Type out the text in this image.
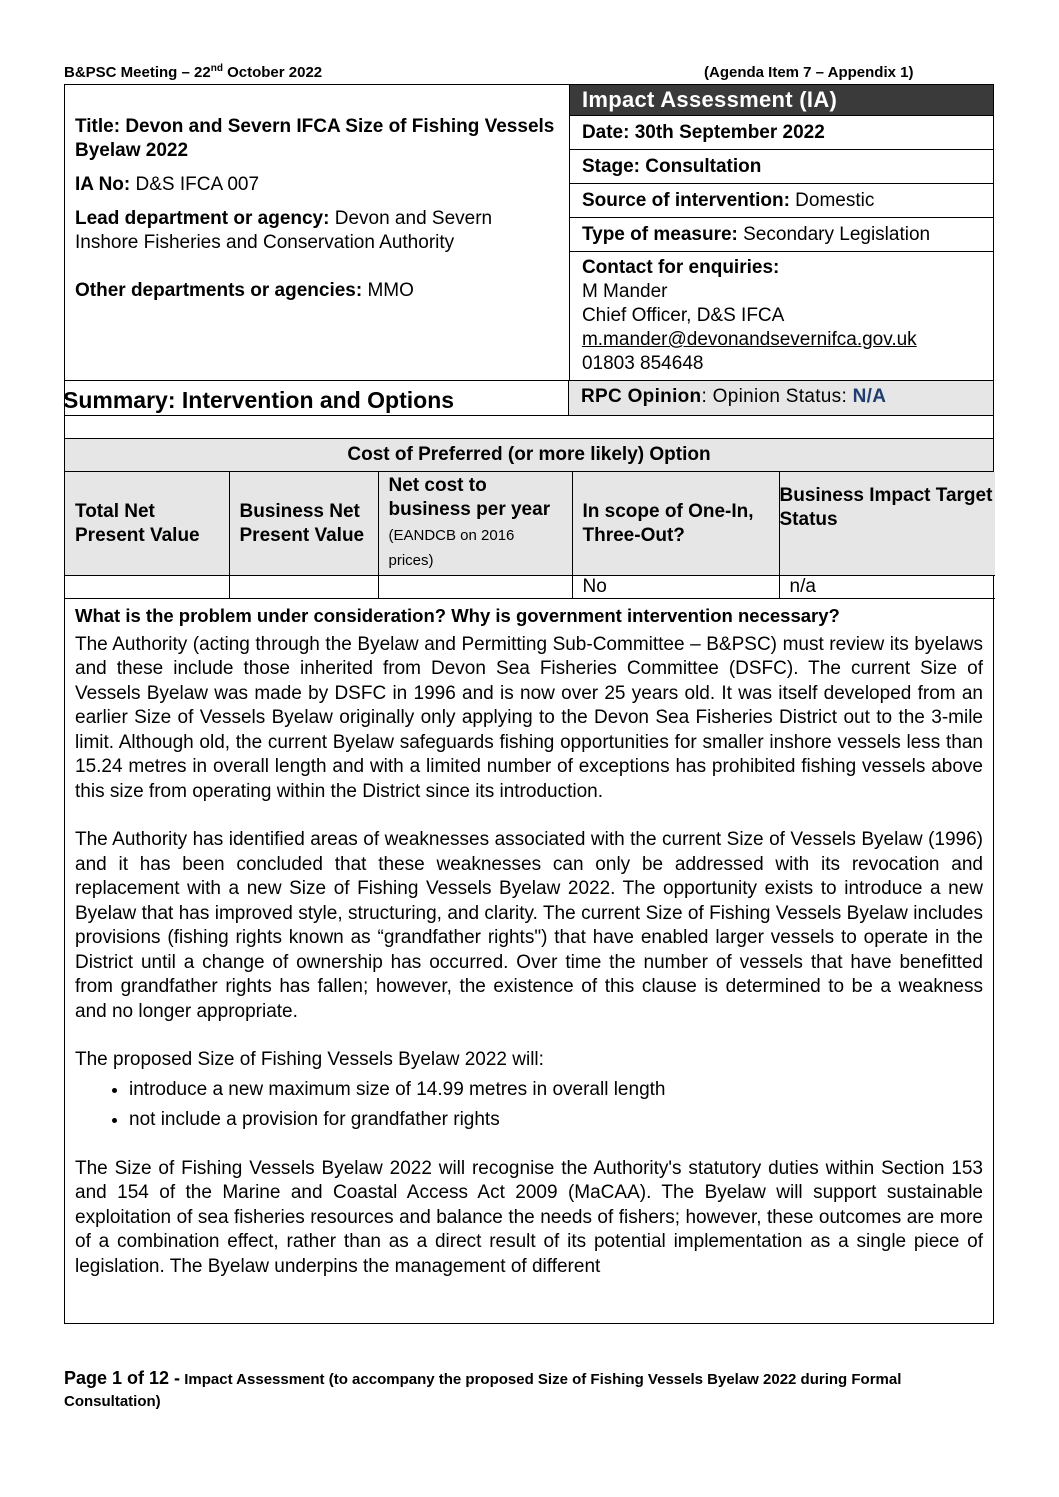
B&PSC Meeting – 22nd October 2022	(Agenda Item 7 – Appendix 1)

Title: Devon and Severn IFCA Size of Fishing Vessels Byelaw 2022

IA No: D&S IFCA 007

Lead department or agency: Devon and Severn Inshore Fisheries and Conservation Authority

Other departments or agencies: MMO

Impact Assessment (IA)
Date: 30th September 2022
Stage: Consultation
Source of intervention: Domestic
Type of measure: Secondary Legislation
Contact for enquiries:
M Mander
Chief Officer, D&S IFCA
m.mander@devonandsevernifca.gov.uk
01803 854648
Summary: Intervention and Options	RPC Opinion: Opinion Status: N/A
Cost of Preferred (or more likely) Option
Total Net Present Value	Business Net Present Value	Net cost to business per year (EANDCB on 2016 prices)	In scope of One-In, Three-Out?	Business Impact Target Status
			No	n/a
What is the problem under consideration? Why is government intervention necessary?

The Authority (acting through the Byelaw and Permitting Sub-Committee – B&PSC) must review its byelaws and these include those inherited from Devon Sea Fisheries Committee (DSFC). The current Size of Vessels Byelaw was made by DSFC in 1996 and is now over 25 years old. It was itself developed from an earlier Size of Vessels Byelaw originally only applying to the Devon Sea Fisheries District out to the 3-mile limit. Although old, the current Byelaw safeguards fishing opportunities for smaller inshore vessels less than 15.24 metres in overall length and with a limited number of exceptions has prohibited fishing vessels above this size from operating within the District since its introduction.

The Authority has identified areas of weaknesses associated with the current Size of Vessels Byelaw (1996) and it has been concluded that these weaknesses can only be addressed with its revocation and replacement with a new Size of Fishing Vessels Byelaw 2022. The opportunity exists to introduce a new Byelaw that has improved style, structuring, and clarity. The current Size of Fishing Vessels Byelaw includes provisions (fishing rights known as “grandfather rights") that have enabled larger vessels to operate in the District until a change of ownership has occurred. Over time the number of vessels that have benefitted from grandfather rights has fallen; however, the existence of this clause is determined to be a weakness and no longer appropriate.

The proposed Size of Fishing Vessels Byelaw 2022 will:

• introduce a new maximum size of 14.99 metres in overall length
• not include a provision for grandfather rights

The Size of Fishing Vessels Byelaw 2022 will recognise the Authority's statutory duties within Section 153 and 154 of the Marine and Coastal Access Act 2009 (MaCAA). The Byelaw will support sustainable exploitation of sea fisheries resources and balance the needs of fishers; however, these outcomes are more of a combination effect, rather than as a direct result of its potential implementation as a single piece of legislation. The Byelaw underpins the management of different

Page 1 of 12 - Impact Assessment (to accompany the proposed Size of Fishing Vessels Byelaw 2022 during Formal Consultation)
